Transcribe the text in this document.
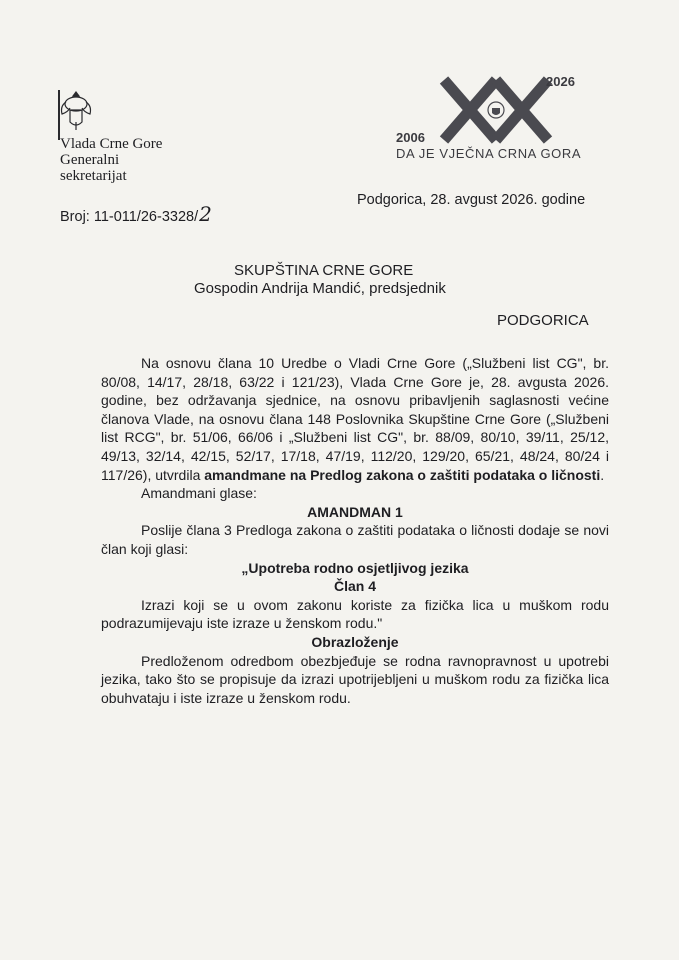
Vlada Crne Gore
Generalni
sekretarijat
Broj: 11-011/26-3328/2
2026
2006
DA JE VJEČNA CRNA GORA
Podgorica, 28. avgust 2026. godine
SKUPŠTINA CRNE GORE
Gospodin Andrija Mandić, predsjednik
PODGORICA

Na osnovu člana 10 Uredbe o Vladi Crne Gore („Službeni list CG", br. 80/08, 14/17, 28/18, 63/22 i 121/23), Vlada Crne Gore je, 28. avgusta 2026. godine, bez održavanja sjednice, na osnovu pribavljenih saglasnosti većine članova Vlade, na osnovu člana 148 Poslovnika Skupštine Crne Gore („Službeni list RCG", br. 51/06, 66/06 i „Službeni list CG", br. 88/09, 80/10, 39/11, 25/12, 49/13, 32/14, 42/15, 52/17, 17/18, 47/19, 112/20, 129/20, 65/21, 48/24, 80/24 i 117/26), utvrdila amandmane na Predlog zakona o zaštiti podataka o ličnosti.

Amandmani glase:

AMANDMAN 1

Poslije člana 3 Predloga zakona o zaštiti podataka o ličnosti dodaje se novi član koji glasi:

„Upotreba rodno osjetljivog jezika

Član 4

Izrazi koji se u ovom zakonu koriste za fizička lica u muškom rodu podrazumijevaju iste izraze u ženskom rodu."

Obrazloženje

Predloženom odredbom obezbjeđuje se rodna ravnopravnost u upotrebi jezika, tako što se propisuje da izrazi upotrijebljeni u muškom rodu za fizička lica obuhvataju i iste izraze u ženskom rodu.
